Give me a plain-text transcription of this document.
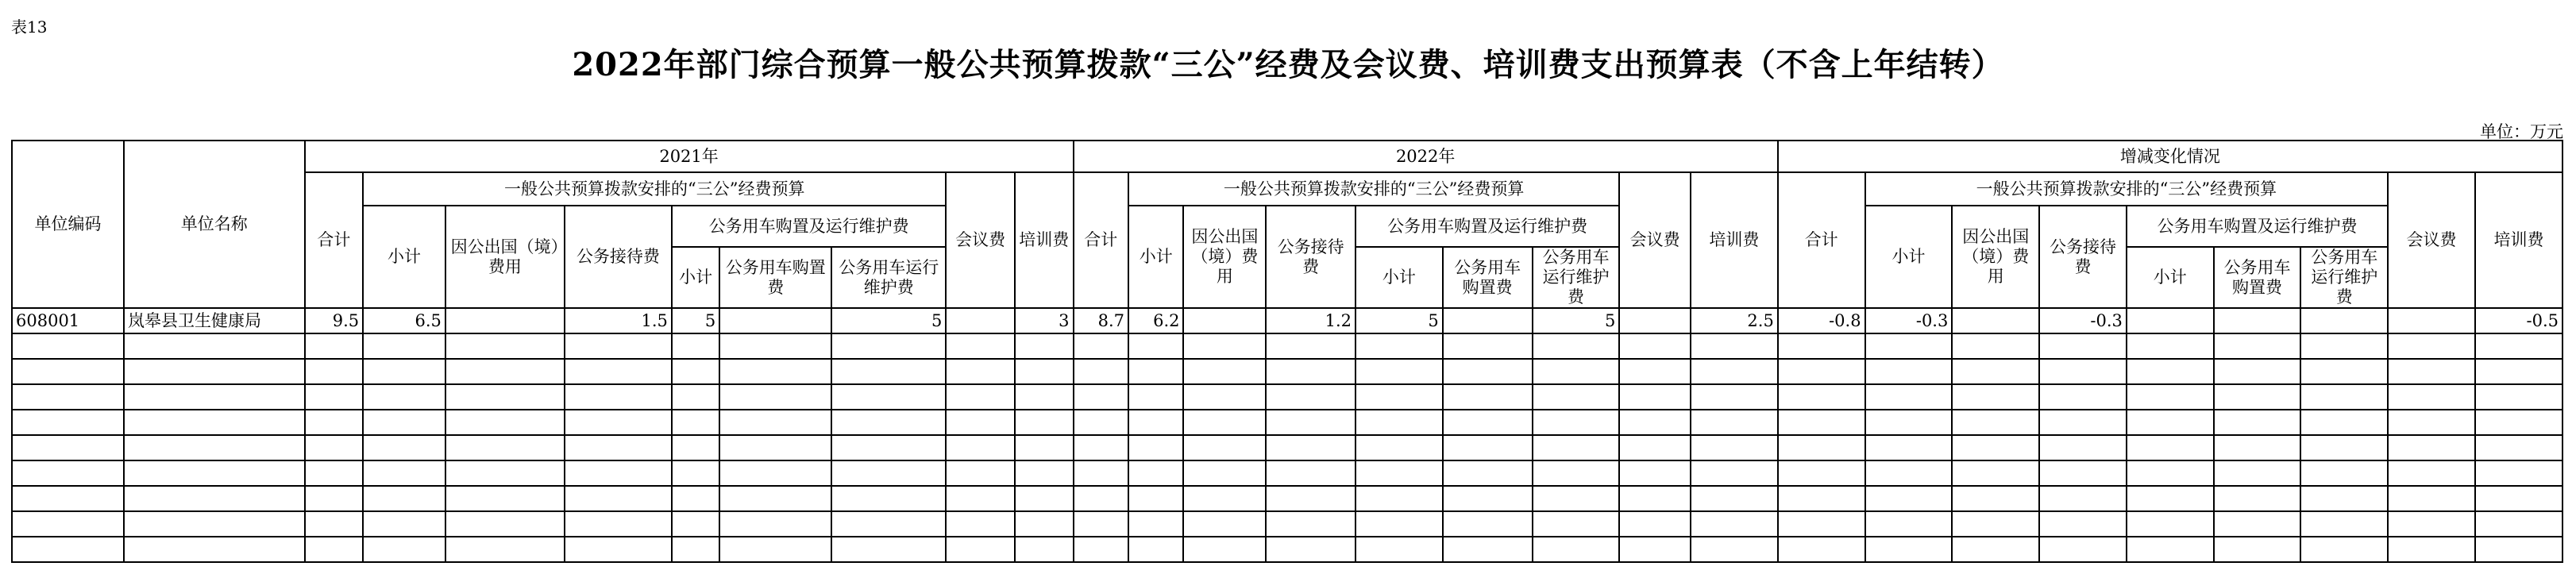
表13
2022年部门综合预算一般公共预算拨款“三公”经费及会议费、培训费支出预算表（不含上年结转）
单位：万元
单位编码	单位名称	2021年									2022年									增减变化情况								
		合计	一般公共预算拨款安排的“三公”经费预算						会议费	培训费	合计	一般公共预算拨款安排的“三公”经费预算						会议费	培训费	合计	一般公共预算拨款安排的“三公”经费预算						会议费	培训费
			小计	因公出国（境）费用	公务接待费	公务用车购置及运行维护费						小计	因公出国（境）费用	公务接待费	公务用车购置及运行维护费						小计	因公出国（境）费用	公务接待费	公务用车购置及运行维护费				
						小计	公务用车购置费	公务用车运行维护费							小计	公务用车购置费	公务用车运行维护费							小计	公务用车购置费	公务用车运行维护费		
608001	岚皋县卫生健康局	9.5	6.5		1.5	5		5		3	8.7	6.2		1.2	5		5		2.5	-0.8	-0.3		-0.3					-0.5
